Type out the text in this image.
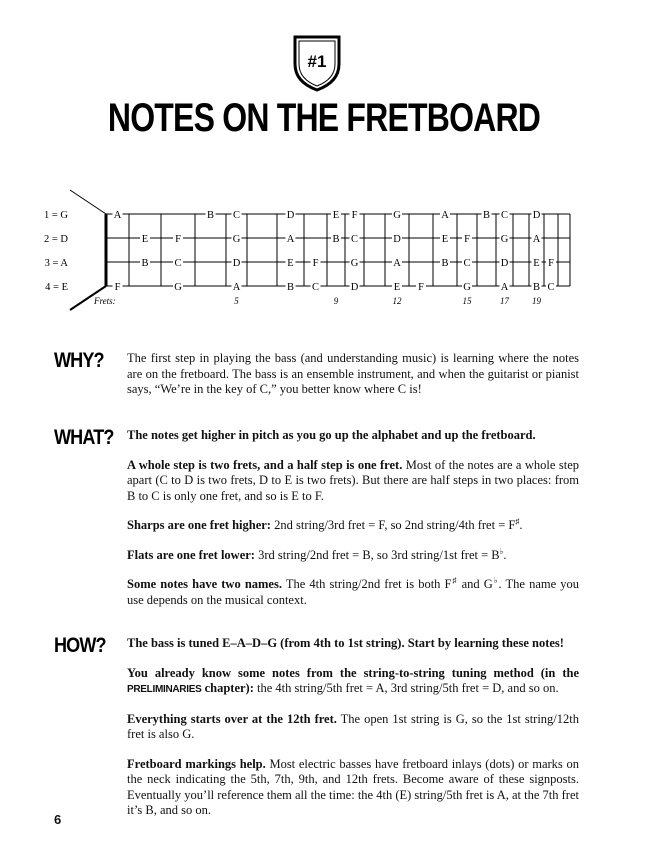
#1
NOTES ON THE FRETBOARD
1 = G
2 = D
3 = A
4 = E
A	B C	D	E F	G	A	B C D
E	F	G	A	B C	D	E F	G A
B C	D	E F	G	A	B C	D E F
F	G	A	B C	D	E F	G	A B C
Frets:	5	9	12	15	17	19
WHY? The first step in playing the bass (and understanding music) is learning where the notes are on the fretboard. The bass is an ensemble instrument, and when the guitarist or pianist says, “We’re in the key of C,” you better know where C is!

WHAT? The notes get higher in pitch as you go up the alphabet and up the fretboard.

A whole step is two frets, and a half step is one fret. Most of the notes are a whole step apart (C to D is two frets, D to E is two frets). But there are half steps in two places: from B to C is only one fret, and so is E to F.

Sharps are one fret higher: 2nd string/3rd fret = F, so 2nd string/4th fret = F♯.

Flats are one fret lower: 3rd string/2nd fret = B, so 3rd string/1st fret = B♭.

Some notes have two names. The 4th string/2nd fret is both F♯ and G♭. The name you use depends on the musical context.

HOW? The bass is tuned E–A–D–G (from 4th to 1st string). Start by learning these notes!

You already know some notes from the string-to-string tuning method (in the PRELIMINARIES chapter): the 4th string/5th fret = A, 3rd string/5th fret = D, and so on.

Everything starts over at the 12th fret. The open 1st string is G, so the 1st string/12th fret is also G.

Fretboard markings help. Most electric basses have fretboard inlays (dots) or marks on the neck indicating the 5th, 7th, 9th, and 12th frets. Become aware of these signposts. Eventually you’ll reference them all the time: the 4th (E) string/5th fret is A, at the 7th fret it’s B, and so on.

6
